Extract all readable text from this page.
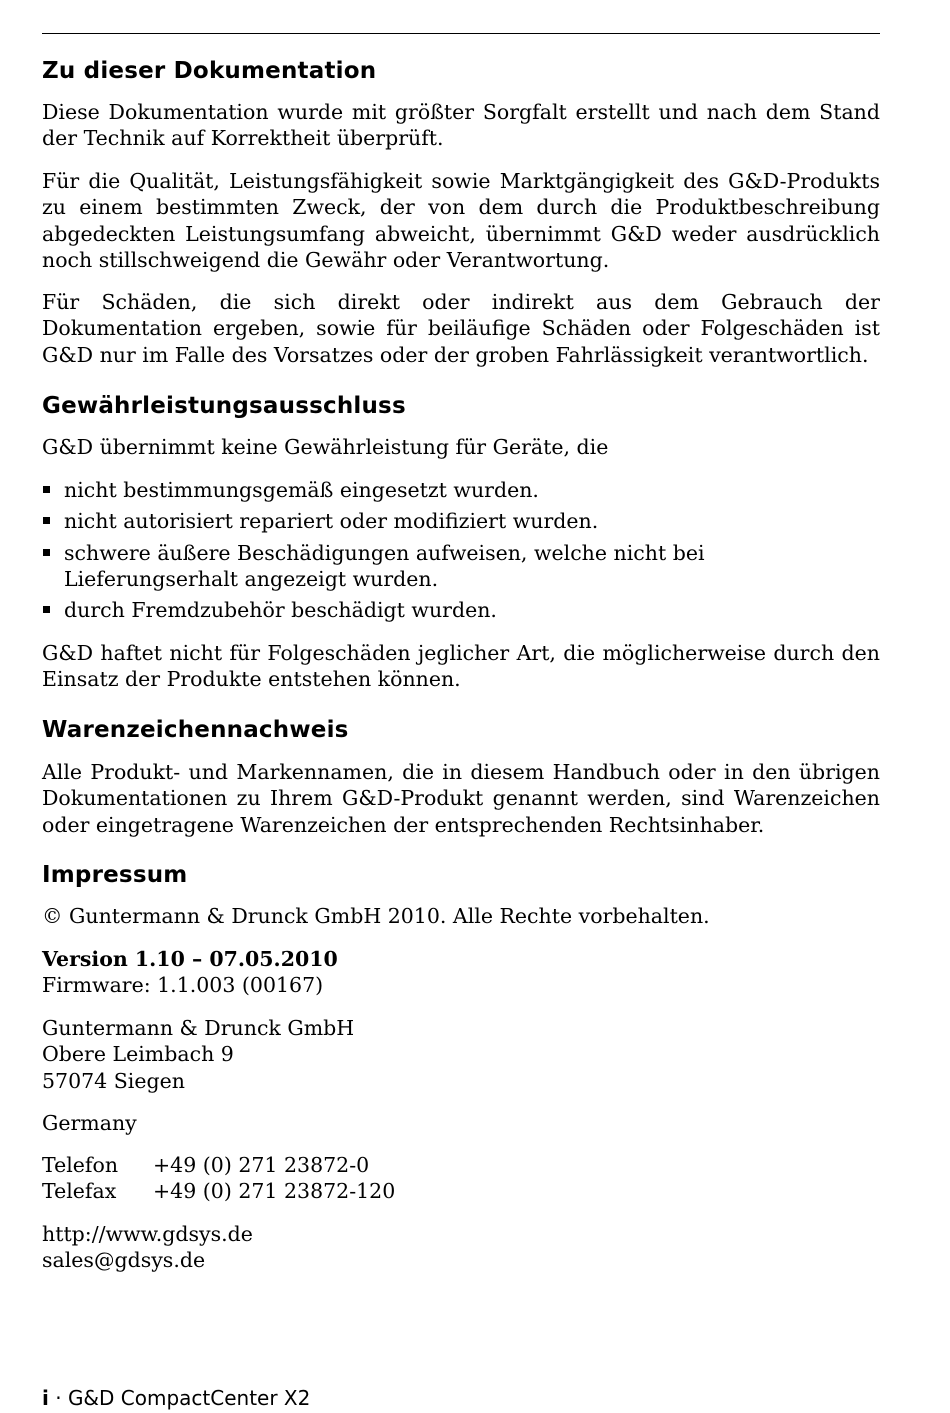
Zu dieser Dokumentation

Diese Dokumentation wurde mit größter Sorgfalt erstellt und nach dem Stand der Technik auf Korrektheit überprüft.

Für die Qualität, Leistungsfähigkeit sowie Marktgängigkeit des G&D-Produkts zu einem bestimmten Zweck, der von dem durch die Produktbeschreibung abgedeckten Leistungsumfang abweicht, übernimmt G&D weder ausdrücklich noch stillschweigend die Gewähr oder Verantwortung.

Für Schäden, die sich direkt oder indirekt aus dem Gebrauch der Dokumentation ergeben, sowie für beiläufige Schäden oder Folgeschäden ist G&D nur im Falle des Vorsatzes oder der groben Fahrlässigkeit verantwortlich.

Gewährleistungsausschluss

G&D übernimmt keine Gewährleistung für Geräte, die

nicht bestimmungsgemäß eingesetzt wurden.
nicht autorisiert repariert oder modifiziert wurden.
schwere äußere Beschädigungen aufweisen, welche nicht bei Lieferungserhalt angezeigt wurden.
durch Fremdzubehör beschädigt wurden.

G&D haftet nicht für Folgeschäden jeglicher Art, die möglicherweise durch den Einsatz der Produkte entstehen können.

Warenzeichennachweis

Alle Produkt- und Markennamen, die in diesem Handbuch oder in den übrigen Dokumentationen zu Ihrem G&D-Produkt genannt werden, sind Warenzeichen oder eingetragene Warenzeichen der entsprechenden Rechtsinhaber.

Impressum

© Guntermann & Drunck GmbH 2010. Alle Rechte vorbehalten.

Version 1.10 – 07.05.2010

Firmware: 1.1.003 (00167)

Guntermann & Drunck GmbH

Obere Leimbach 9

57074 Siegen

Germany

Telefon +49 (0) 271 23872-0

Telefax +49 (0) 271 23872-120

http://www.gdsys.de

sales@gdsys.de

i · G&D CompactCenter X2
